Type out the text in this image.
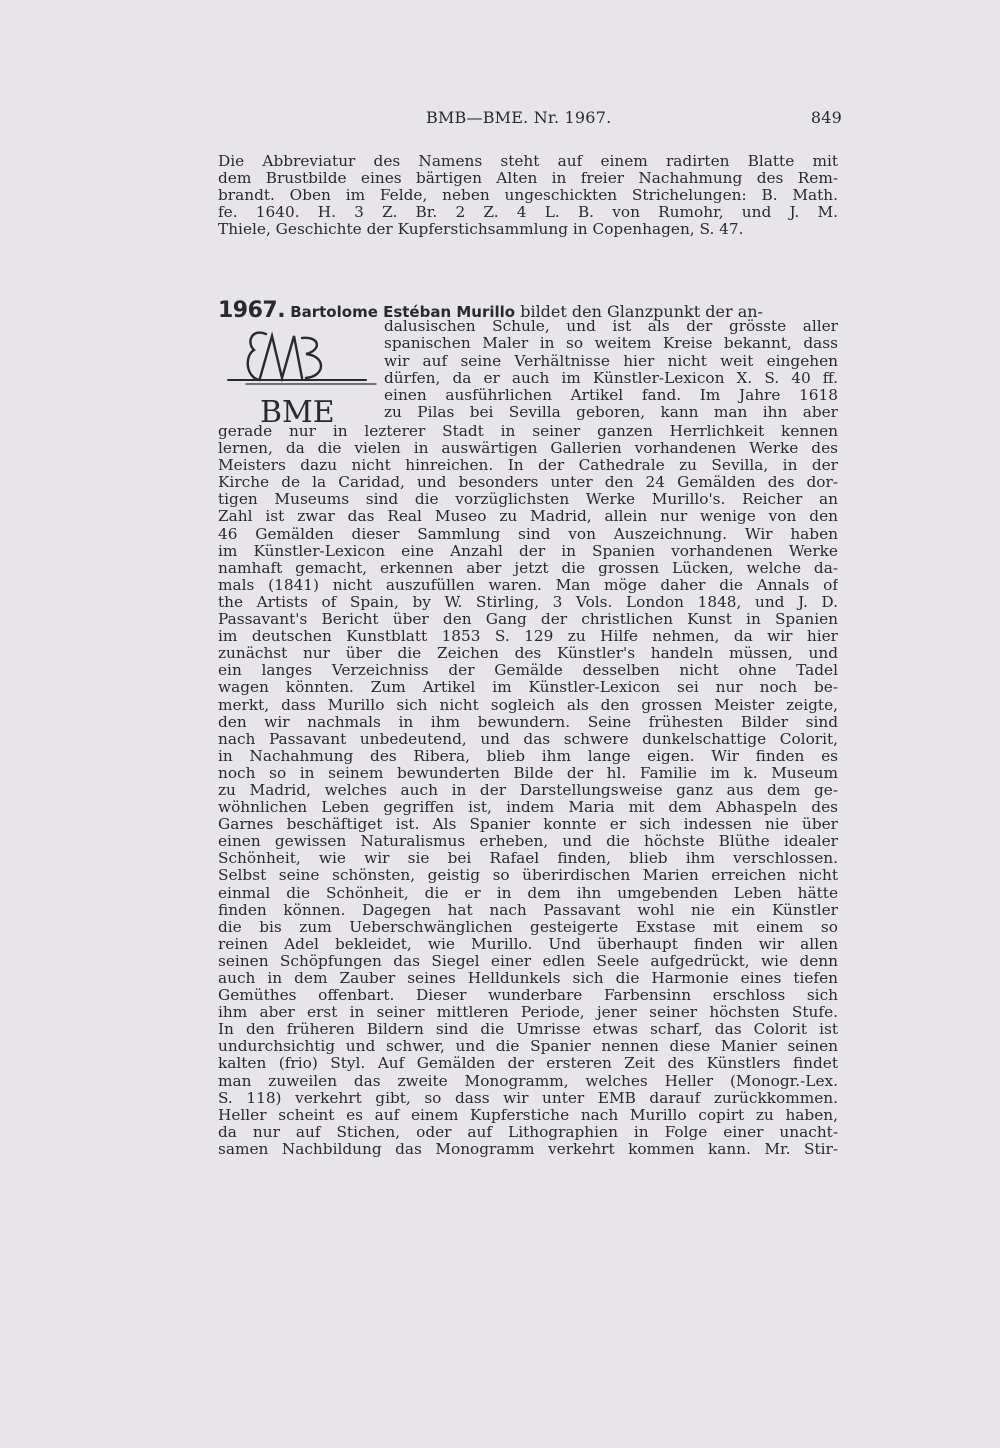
BMB—BME. Nr. 1967.	849
Die Abbreviatur des Namens steht auf einem radirten Blatte mit
dem Brustbilde eines bärtigen Alten in freier Nachahmung des Rem-
brandt. Oben im Felde, neben ungeschickten Strichelungen: B. Math.
fe. 1640. H. 3 Z. Br. 2 Z. 4 L. B. von Rumohr, und J. M.
Thiele, Geschichte der Kupferstichsammlung in Copenhagen, S. 47.
1967. Bartolome Estéban Murillo bildet den Glanzpunkt der an-
BME
dalusischen Schule, und ist als der grösste aller
spanischen Maler in so weitem Kreise bekannt, dass
wir auf seine Verhältnisse hier nicht weit eingehen
dürfen, da er auch im Künstler-Lexicon X. S. 40 ff.
einen ausführlichen Artikel fand. Im Jahre 1618
zu Pilas bei Sevilla geboren, kann man ihn aber
gerade nur in lezterer Stadt in seiner ganzen Herrlichkeit kennen
lernen, da die vielen in auswärtigen Gallerien vorhandenen Werke des
Meisters dazu nicht hinreichen. In der Cathedrale zu Sevilla, in der
Kirche de la Caridad, und besonders unter den 24 Gemälden des dor-
tigen Museums sind die vorzüglichsten Werke Murillo's. Reicher an
Zahl ist zwar das Real Museo zu Madrid, allein nur wenige von den
46 Gemälden dieser Sammlung sind von Auszeichnung. Wir haben
im Künstler-Lexicon eine Anzahl der in Spanien vorhandenen Werke
namhaft gemacht, erkennen aber jetzt die grossen Lücken, welche da-
mals (1841) nicht auszufüllen waren. Man möge daher die Annals of
the Artists of Spain, by W. Stirling, 3 Vols. London 1848, und J. D.
Passavant's Bericht über den Gang der christlichen Kunst in Spanien
im deutschen Kunstblatt 1853 S. 129 zu Hilfe nehmen, da wir hier
zunächst nur über die Zeichen des Künstler's handeln müssen, und
ein langes Verzeichniss der Gemälde desselben nicht ohne Tadel
wagen könnten. Zum Artikel im Künstler-Lexicon sei nur noch be-
merkt, dass Murillo sich nicht sogleich als den grossen Meister zeigte,
den wir nachmals in ihm bewundern. Seine frühesten Bilder sind
nach Passavant unbedeutend, und das schwere dunkelschattige Colorit,
in Nachahmung des Ribera, blieb ihm lange eigen. Wir finden es
noch so in seinem bewunderten Bilde der hl. Familie im k. Museum
zu Madrid, welches auch in der Darstellungsweise ganz aus dem ge-
wöhnlichen Leben gegriffen ist, indem Maria mit dem Abhaspeln des
Garnes beschäftiget ist. Als Spanier konnte er sich indessen nie über
einen gewissen Naturalismus erheben, und die höchste Blüthe idealer
Schönheit, wie wir sie bei Rafael finden, blieb ihm verschlossen.
Selbst seine schönsten, geistig so überirdischen Marien erreichen nicht
einmal die Schönheit, die er in dem ihn umgebenden Leben hätte
finden können. Dagegen hat nach Passavant wohl nie ein Künstler
die bis zum Ueberschwänglichen gesteigerte Exstase mit einem so
reinen Adel bekleidet, wie Murillo. Und überhaupt finden wir allen
seinen Schöpfungen das Siegel einer edlen Seele aufgedrückt, wie denn
auch in dem Zauber seines Helldunkels sich die Harmonie eines tiefen
Gemüthes offenbart. Dieser wunderbare Farbensinn erschloss sich
ihm aber erst in seiner mittleren Periode, jener seiner höchsten Stufe.
In den früheren Bildern sind die Umrisse etwas scharf, das Colorit ist
undurchsichtig und schwer, und die Spanier nennen diese Manier seinen
kalten (frio) Styl. Auf Gemälden der ersteren Zeit des Künstlers findet
man zuweilen das zweite Monogramm, welches Heller (Monogr.-Lex.
S. 118) verkehrt gibt, so dass wir unter EMB darauf zurückkommen.
Heller scheint es auf einem Kupferstiche nach Murillo copirt zu haben,
da nur auf Stichen, oder auf Lithographien in Folge einer unacht-
samen Nachbildung das Monogramm verkehrt kommen kann. Mr. Stir-
